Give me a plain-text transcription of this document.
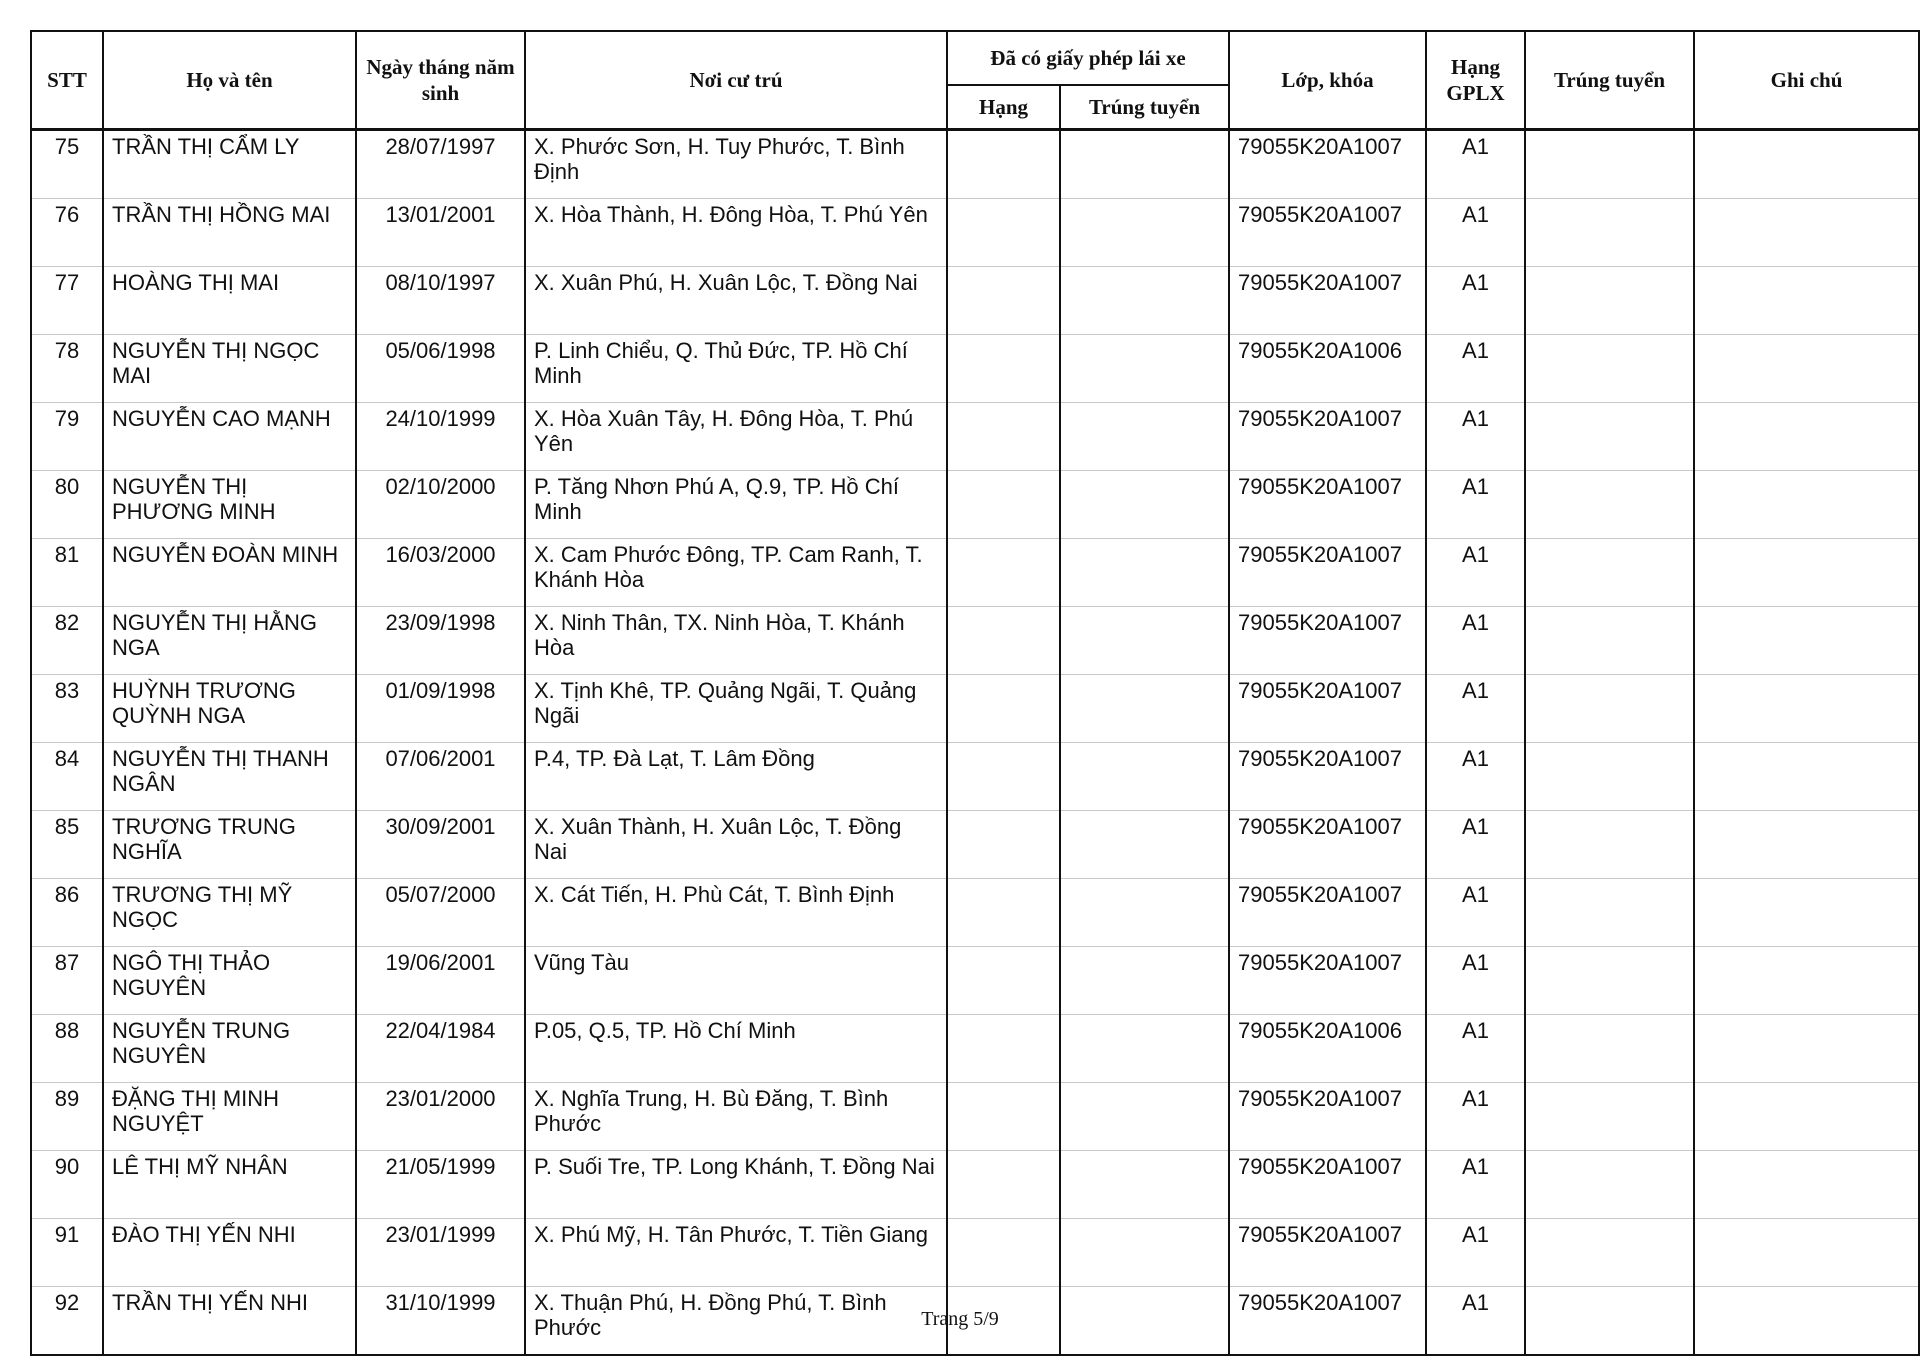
STT	Họ và tên	Ngày tháng năm sinh	Nơi cư trú	Đã có giấy phép lái xe		Lớp, khóa	Hạng GPLX	Trúng tuyển	Ghi chú
				Hạng	Trúng tuyển				
75	TRẦN THỊ CẨM LY	28/07/1997	X. Phước Sơn, H. Tuy Phước, T. Bình Định			79055K20A1007	A1		
76	TRẦN THỊ HỒNG MAI	13/01/2001	X. Hòa Thành, H. Đông Hòa, T. Phú Yên			79055K20A1007	A1		
77	HOÀNG THỊ MAI	08/10/1997	X. Xuân Phú, H. Xuân Lộc, T. Đồng Nai			79055K20A1007	A1		
78	NGUYỄN THỊ NGỌC MAI	05/06/1998	P. Linh Chiểu, Q. Thủ Đức, TP. Hồ Chí Minh			79055K20A1006	A1		
79	NGUYỄN CAO MẠNH	24/10/1999	X. Hòa Xuân Tây, H. Đông Hòa, T. Phú Yên			79055K20A1007	A1		
80	NGUYỄN THỊ PHƯƠNG MINH	02/10/2000	P. Tăng Nhơn Phú A, Q.9, TP. Hồ Chí Minh			79055K20A1007	A1		
81	NGUYỄN ĐOÀN MINH	16/03/2000	X. Cam Phước Đông, TP. Cam Ranh, T. Khánh Hòa			79055K20A1007	A1		
82	NGUYỄN THỊ HẰNG NGA	23/09/1998	X. Ninh Thân, TX. Ninh Hòa, T. Khánh Hòa			79055K20A1007	A1		
83	HUỲNH TRƯƠNG QUỲNH NGA	01/09/1998	X. Tịnh Khê, TP. Quảng Ngãi, T. Quảng Ngãi			79055K20A1007	A1		
84	NGUYỄN THỊ THANH NGÂN	07/06/2001	P.4, TP. Đà Lạt, T. Lâm Đồng			79055K20A1007	A1		
85	TRƯƠNG TRUNG NGHĨA	30/09/2001	X. Xuân Thành, H. Xuân Lộc, T. Đồng Nai			79055K20A1007	A1		
86	TRƯƠNG THỊ MỸ NGỌC	05/07/2000	X. Cát Tiến, H. Phù Cát, T. Bình Định			79055K20A1007	A1		
87	NGÔ THỊ THẢO NGUYÊN	19/06/2001	Vũng Tàu			79055K20A1007	A1		
88	NGUYỄN TRUNG NGUYÊN	22/04/1984	P.05, Q.5, TP. Hồ Chí Minh			79055K20A1006	A1		
89	ĐẶNG THỊ MINH NGUYỆT	23/01/2000	X. Nghĩa Trung, H. Bù Đăng, T. Bình Phước			79055K20A1007	A1		
90	LÊ THỊ MỸ NHÂN	21/05/1999	P. Suối Tre, TP. Long Khánh, T. Đồng Nai			79055K20A1007	A1		
91	ĐÀO THỊ YẾN NHI	23/01/1999	X. Phú Mỹ, H. Tân Phước, T. Tiền Giang			79055K20A1007	A1		
92	TRẦN THỊ YẾN NHI	31/10/1999	X. Thuận Phú, H. Đồng Phú, T. Bình Phước			79055K20A1007	A1		
Trang 5/9
